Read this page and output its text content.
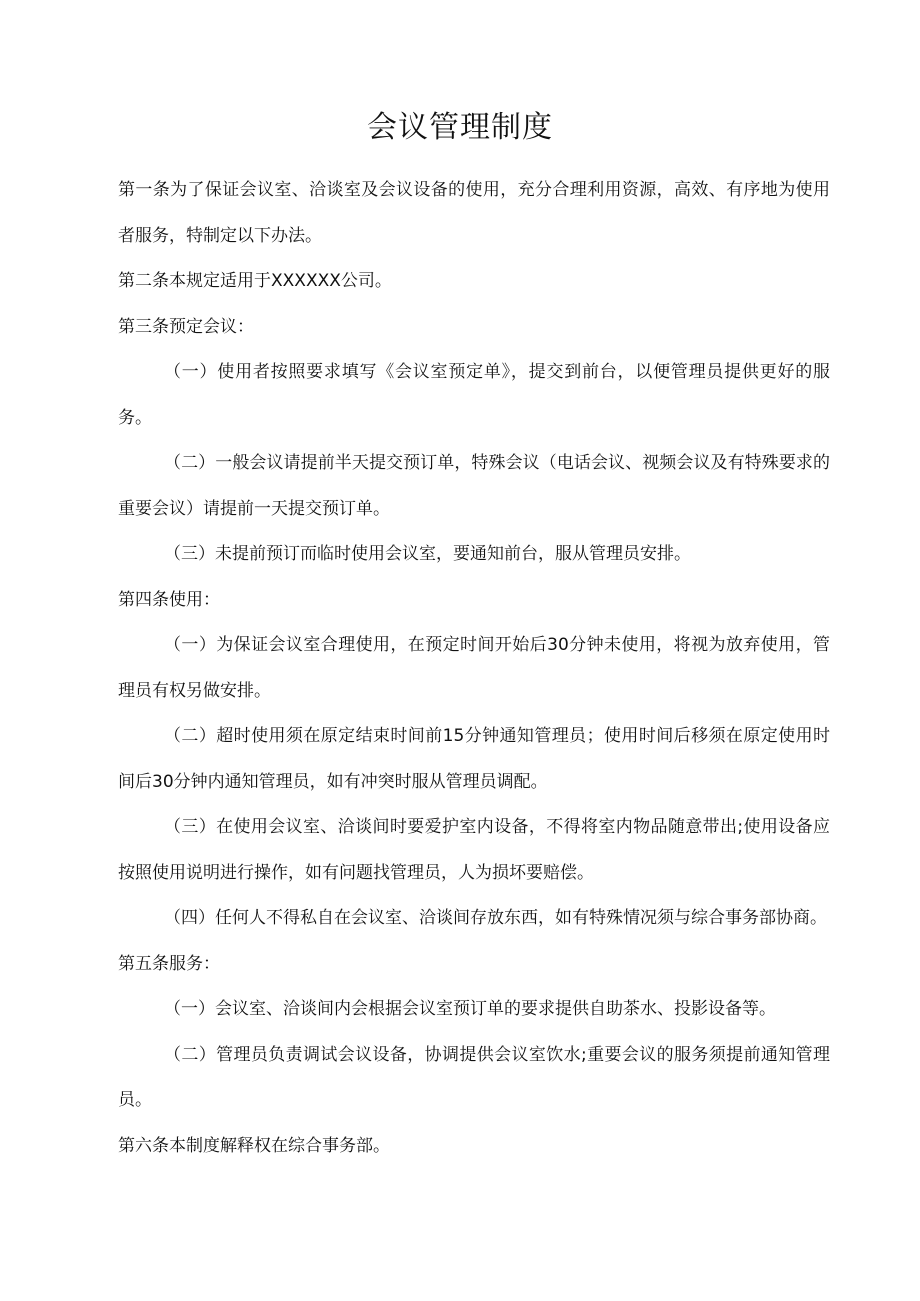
会议管理制度

第一条为了保证会议室、洽谈室及会议设备的使用，充分合理利用资源，高效、有序地为使用者服务，特制定以下办法。

第二条本规定适用于XXXXXX公司。

第三条预定会议：

（一）使用者按照要求填写《会议室预定单》，提交到前台，以便管理员提供更好的服务。

（二）一般会议请提前半天提交预订单，特殊会议（电话会议、视频会议及有特殊要求的重要会议）请提前一天提交预订单。

（三）未提前预订而临时使用会议室，要通知前台，服从管理员安排。

第四条使用：

（一）为保证会议室合理使用，在预定时间开始后30分钟未使用，将视为放弃使用，管理员有权另做安排。

（二）超时使用须在原定结束时间前15分钟通知管理员；使用时间后移须在原定使用时间后30分钟内通知管理员，如有冲突时服从管理员调配。

（三）在使用会议室、洽谈间时要爱护室内设备，不得将室内物品随意带出;使用设备应按照使用说明进行操作，如有问题找管理员，人为损坏要赔偿。

（四）任何人不得私自在会议室、洽谈间存放东西，如有特殊情况须与综合事务部协商。

第五条服务：

（一）会议室、洽谈间内会根据会议室预订单的要求提供自助茶水、投影设备等。

（二）管理员负责调试会议设备，协调提供会议室饮水;重要会议的服务须提前通知管理员。

第六条本制度解释权在综合事务部。
